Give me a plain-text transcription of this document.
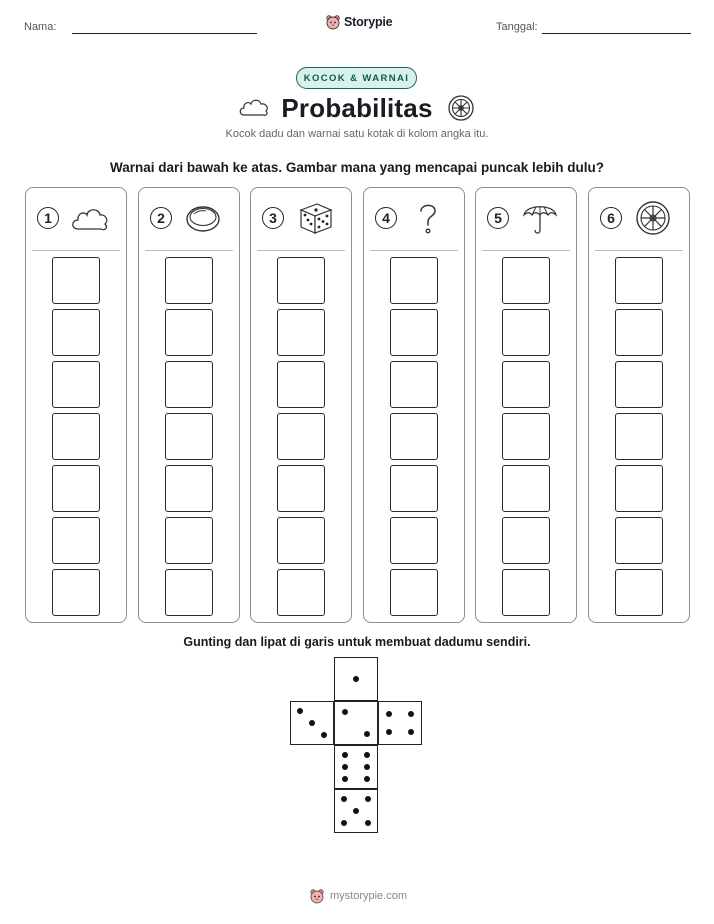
Nama:	Storypie	Tanggal:
KOCOK & WARNAI
Probabilitas
Kocok dadu dan warnai satu kotak di kolom angka itu.
Warnai dari bawah ke atas. Gambar mana yang mencapai puncak lebih dulu?
1	2	3	4	5	6
Gunting dan lipat di garis untuk membuat dadumu sendiri.
mystorypie.com
